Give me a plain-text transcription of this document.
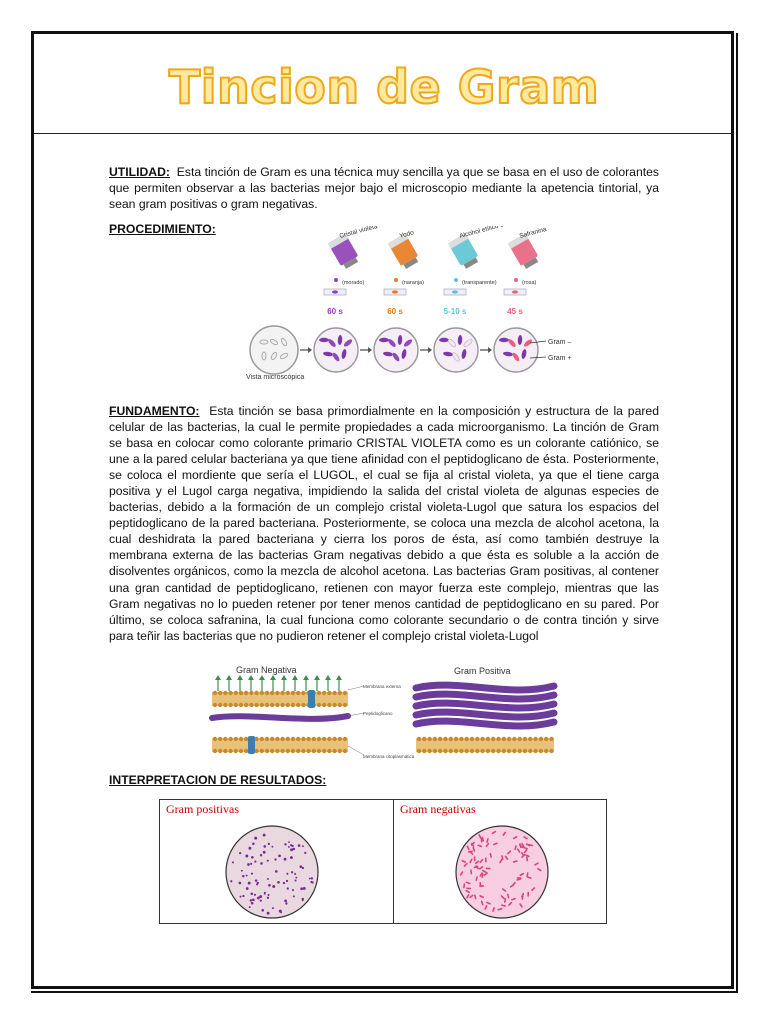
Tincion de Gram
UTILIDAD: Esta tinción de Gram es una técnica muy sencilla ya que se basa en el uso de colorantes que permiten observar a las bacterias mejor bajo el microscopio mediante la apetencia tintorial, ya sean gram positivas o gram negativas.
PROCEDIMIENTO:
Vista microscópica
Cristal violeta
(morado)
60 s
Yodo
(naranja)
60 s
Alcohol etílico 95 %
(transparente)
5-10 s
Safranina
(rosa)
45 s
Gram –
Gram +
FUNDAMENTO: Esta tinción se basa primordialmente en la composición y estructura de la pared celular de las bacterias, la cual le permite propiedades a cada microorganismo. La tinción de Gram se basa en colocar como colorante primario CRISTAL VIOLETA como es un colorante catiónico, se une a la pared celular bacteriana ya que tiene afinidad con el peptidoglicano de ésta. Posteriormente, se coloca el mordiente que sería el LUGOL, el cual se fija al cristal violeta, ya que el tiene carga positiva y el Lugol carga negativa, impidiendo la salida del cristal violeta de algunas especies de bacterias, debido a la formación de un complejo cristal violeta-Lugol que satura los espacios del peptidoglicano de la pared bacteriana. Posteriormente, se coloca una mezcla de alcohol acetona, la cual deshidrata la pared bacteriana y cierra los poros de ésta, así como también destruye la membrana externa de las bacterias Gram negativas debido a que ésta es soluble a la acción de disolventes orgánicos, como la mezcla de alcohol acetona. Las bacterias Gram positivas, al contener una gran cantidad de peptidoglicano, retienen con mayor fuerza este complejo, mientras que las Gram negativas no lo pueden retener por tener menos cantidad de peptidoglicano en su pared. Por último, se coloca safranina, la cual funciona como colorante secundario o de contra tinción y sirve para teñir las bacterias que no pudieron retener el complejo cristal violeta-Lugol
Gram Negativa	Gram Positiva
Membrana externa
Peptidoglicano
Membrana citoplasmática
INTERPRETACION DE RESULTADOS:
Gram positivas	Gram negativas
